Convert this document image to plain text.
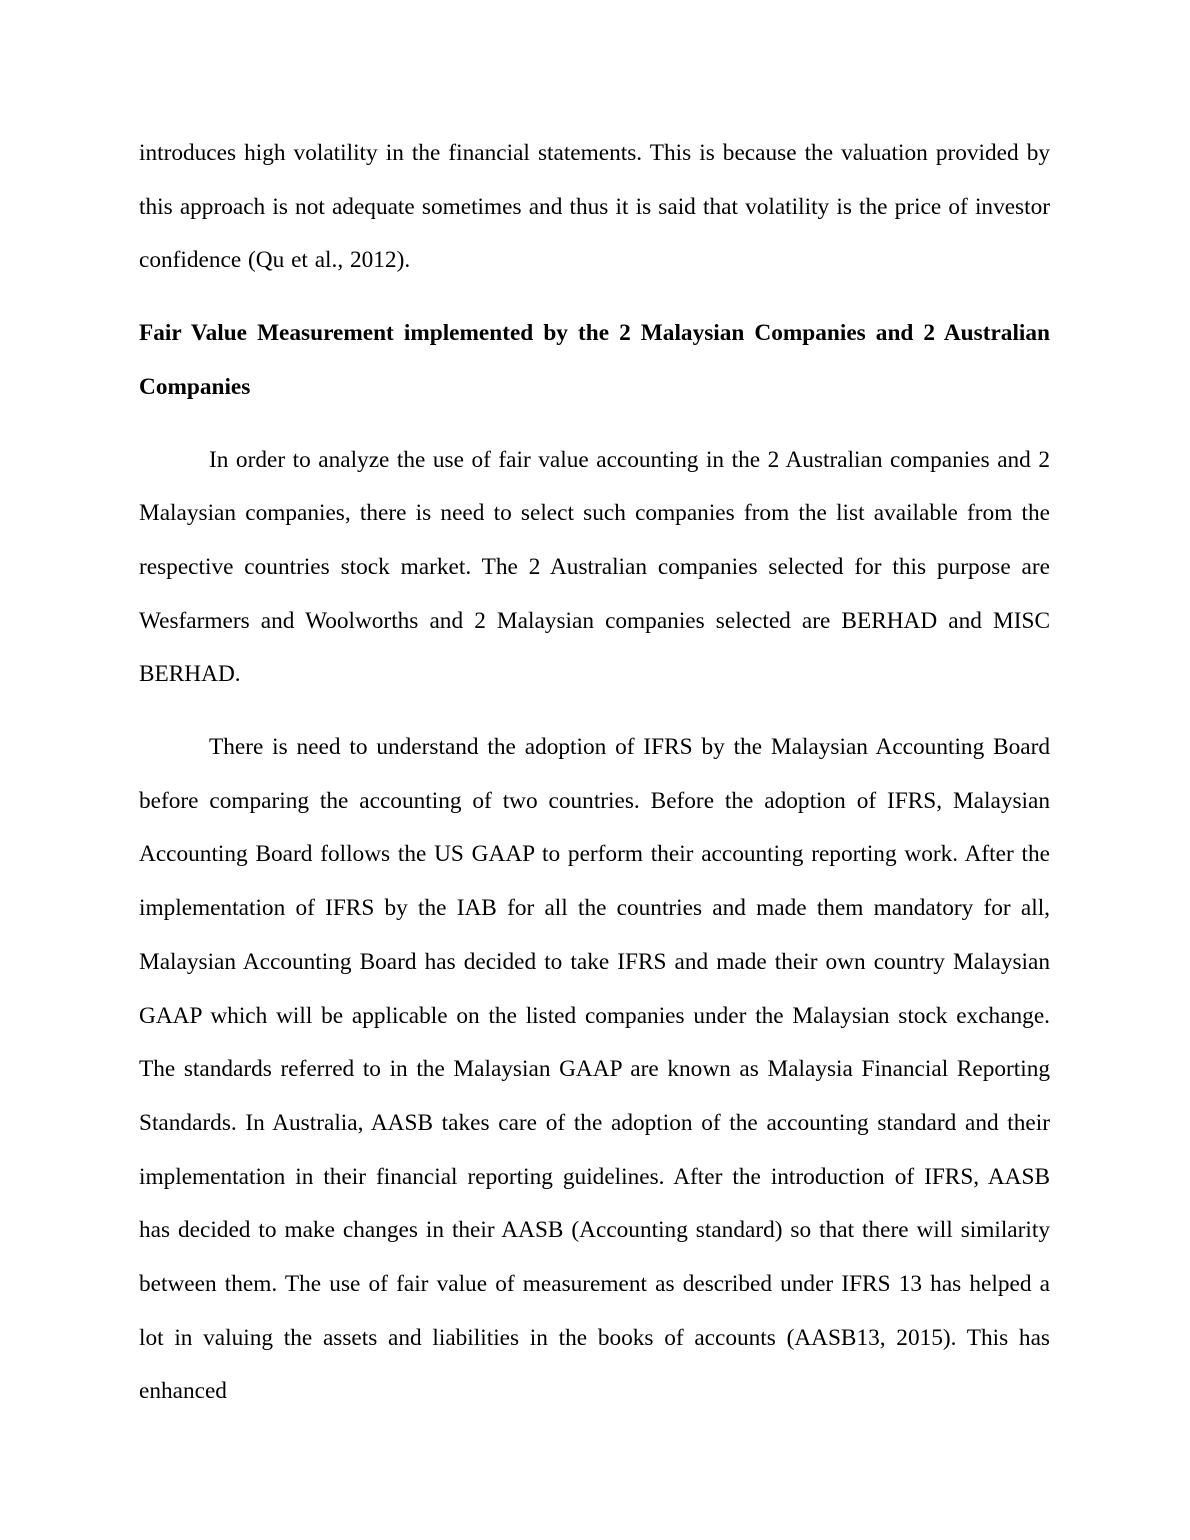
introduces high volatility in the financial statements. This is because the valuation provided by this approach is not adequate sometimes and thus it is said that volatility is the price of investor confidence (Qu et al., 2012).

Fair Value Measurement implemented by the 2 Malaysian Companies and 2 Australian Companies

In order to analyze the use of fair value accounting in the 2 Australian companies and 2 Malaysian companies, there is need to select such companies from the list available from the respective countries stock market. The 2 Australian companies selected for this purpose are Wesfarmers and Woolworths and 2 Malaysian companies selected are BERHAD and MISC BERHAD.

There is need to understand the adoption of IFRS by the Malaysian Accounting Board before comparing the accounting of two countries. Before the adoption of IFRS, Malaysian Accounting Board follows the US GAAP to perform their accounting reporting work. After the implementation of IFRS by the IAB for all the countries and made them mandatory for all, Malaysian Accounting Board has decided to take IFRS and made their own country Malaysian GAAP which will be applicable on the listed companies under the Malaysian stock exchange. The standards referred to in the Malaysian GAAP are known as Malaysia Financial Reporting Standards. In Australia, AASB takes care of the adoption of the accounting standard and their implementation in their financial reporting guidelines. After the introduction of IFRS, AASB has decided to make changes in their AASB (Accounting standard) so that there will similarity between them. The use of fair value of measurement as described under IFRS 13 has helped a lot in valuing the assets and liabilities in the books of accounts (AASB13, 2015). This has enhanced
